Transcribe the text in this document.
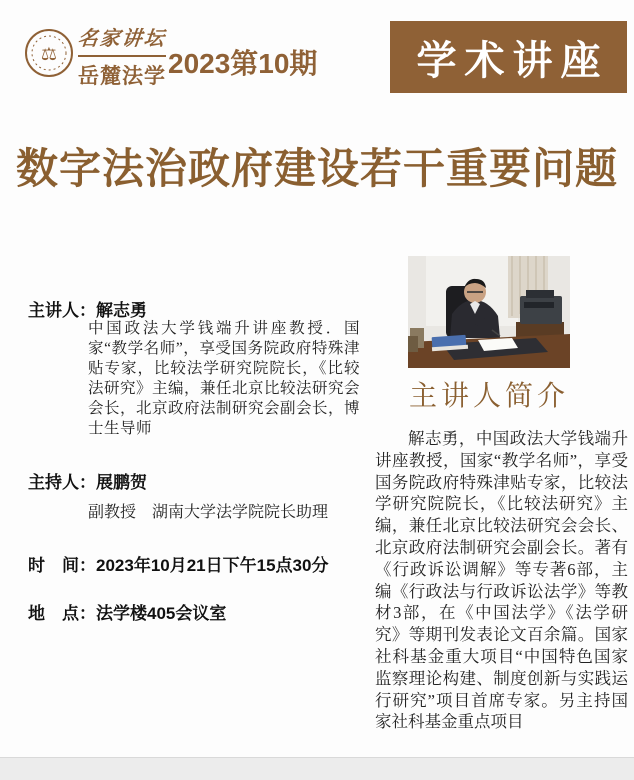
⚖
名家讲坛
岳麓法学 2023第10期 学术讲座
数字法治政府建设若干重要问题
主讲人：解志勇
中国政法大学钱端升讲座教授．国家“教学名师”，享受国务院政府特殊津贴专家，比较法学研究院院长，《比较法研究》主编，兼任北京比较法研究会会长，北京政府法制研究会副会长，博士生导师
主持人：展鹏贺
副教授　湖南大学法学院院长助理
时　间：2023年10月21日下午15点30分
地　点：法学楼405会议室
主讲人简介
解志勇，中国政法大学钱端升讲座教授，国家“教学名师”，享受国务院政府特殊津贴专家，比较法学研究院院长，《比较法研究》主编，兼任北京比较法研究会会长、北京政府法制研究会副会长。著有《行政诉讼调解》等专著6部，主编《行政法与行政诉讼法学》等教材3部，在《中国法学》《法学研究》等期刊发表论文百余篇。国家社科基金重大项目“中国特色国家监察理论构建、制度创新与实践运行研究”项目首席专家。另主持国家社科基金重点项目
